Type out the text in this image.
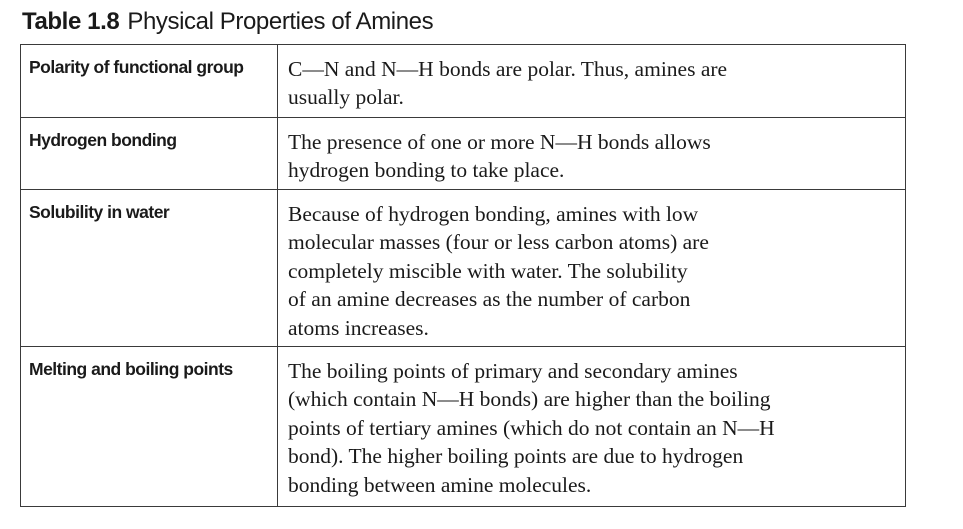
Table 1.8 Physical Properties of Amines
Polarity of functional group	C—N and N—H bonds are polar. Thus, amines are
usually polar.
Hydrogen bonding	The presence of one or more N—H bonds allows
hydrogen bonding to take place.
Solubility in water	Because of hydrogen bonding, amines with low
molecular masses (four or less carbon atoms) are
completely miscible with water. The solubility
of an amine decreases as the number of carbon
atoms increases.
Melting and boiling points	The boiling points of primary and secondary amines
(which contain N—H bonds) are higher than the boiling
points of tertiary amines (which do not contain an N—H
bond). The higher boiling points are due to hydrogen
bonding between amine molecules.
